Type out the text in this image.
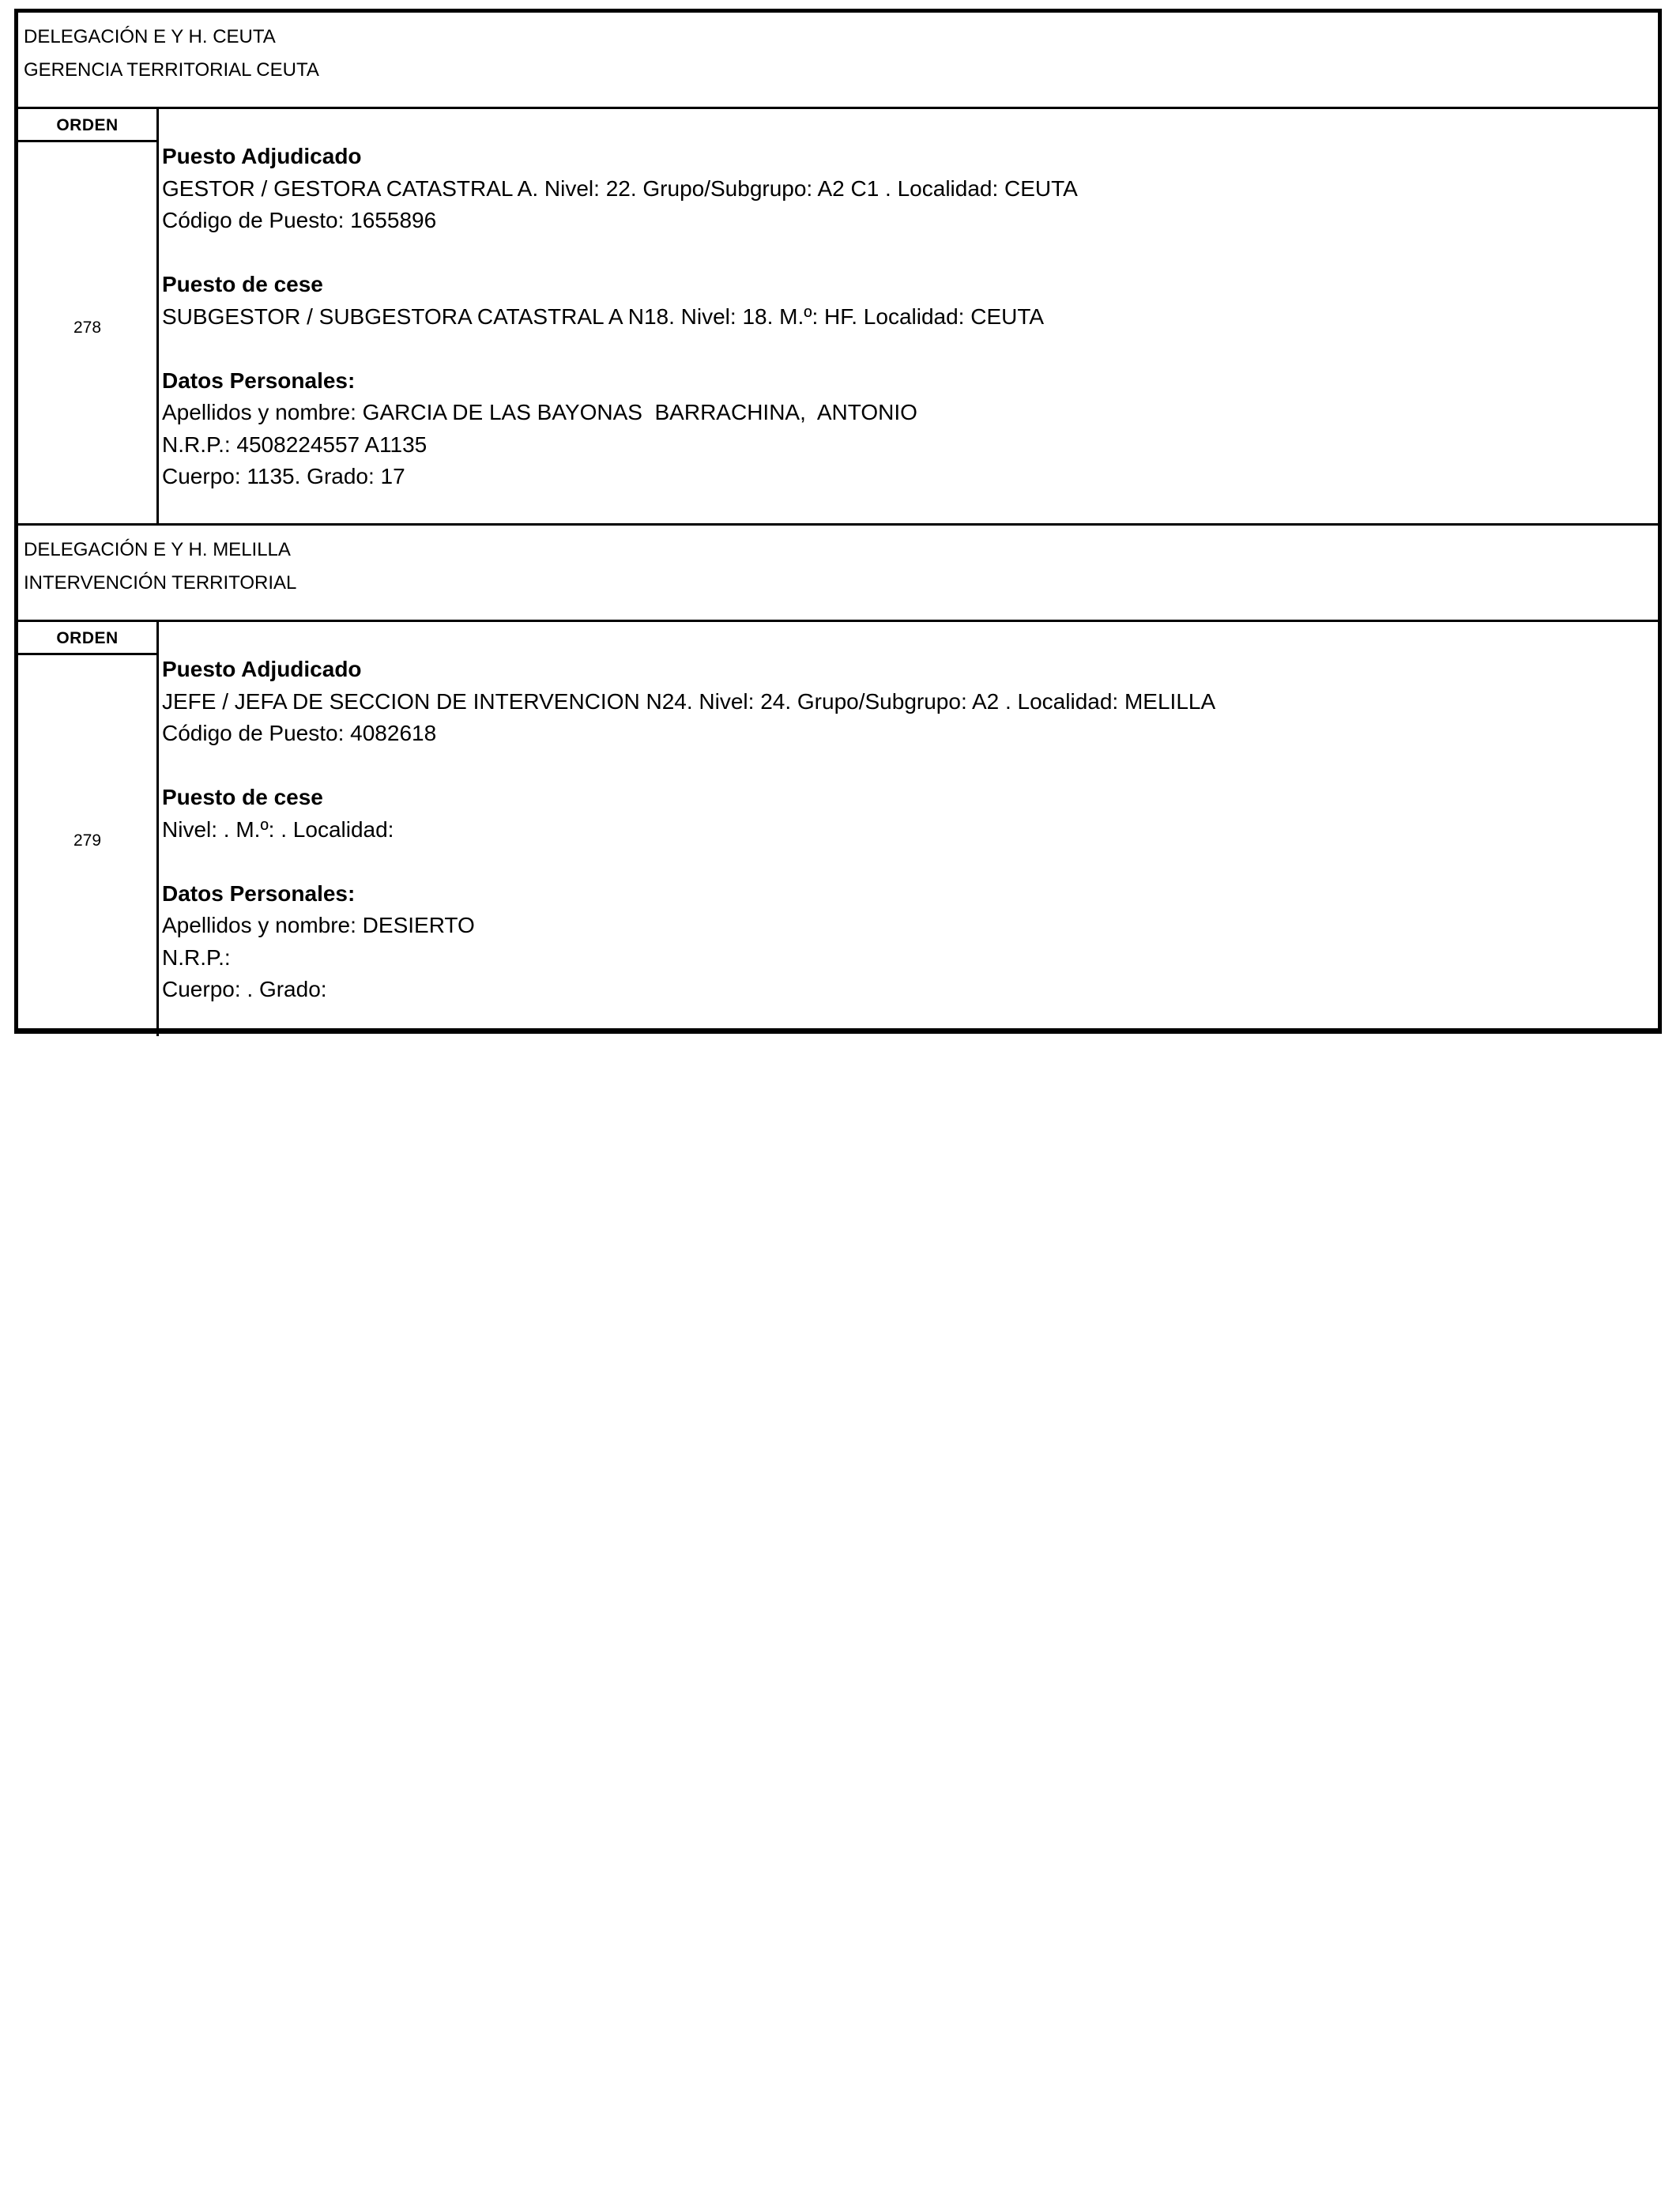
DELEGACIÓN E Y H. CEUTA
GERENCIA TERRITORIAL CEUTA
ORDEN
278
Puesto Adjudicado
GESTOR / GESTORA CATASTRAL A. Nivel: 22. Grupo/Subgrupo: A2 C1 . Localidad: CEUTA
Código de Puesto: 1655896
Puesto de cese
SUBGESTOR / SUBGESTORA CATASTRAL A N18. Nivel: 18. M.º: HF. Localidad: CEUTA
Datos Personales:
Apellidos y nombre: GARCIA DE LAS BAYONAS  BARRACHINA,  ANTONIO
N.R.P.: 4508224557 A1135
Cuerpo: 1135. Grado: 17
DELEGACIÓN E Y H. MELILLA
INTERVENCIÓN TERRITORIAL
ORDEN
279
Puesto Adjudicado
JEFE / JEFA DE SECCION DE INTERVENCION N24. Nivel: 24. Grupo/Subgrupo: A2 . Localidad: MELILLA
Código de Puesto: 4082618
Puesto de cese
Nivel: . M.º: . Localidad:
Datos Personales:
Apellidos y nombre: DESIERTO
N.R.P.:
Cuerpo: . Grado:
